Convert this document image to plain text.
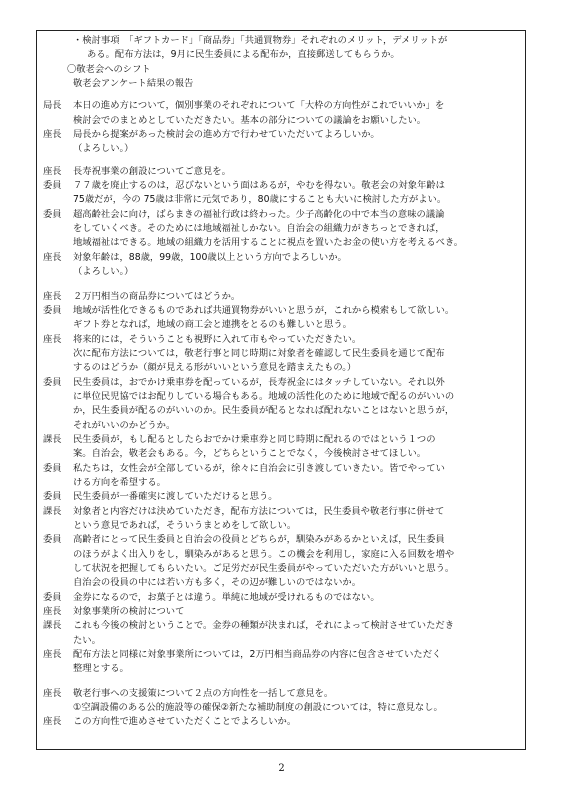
・検討事項　「ギフトカード」「商品券」「共通買物券」それぞれのメリット，デメリットが
ある。配布方法は，9月に民生委員による配布か，直接郵送してもらうか。
〇敬老会へのシフト
敬老会アンケート結果の報告
局長 本日の進め方について，個別事業のそれぞれについて「大枠の方向性がこれでいいか」を
検討会でのまとめとしていただきたい。基本の部分についての議論をお願いしたい。
座長 局長から提案があった検討会の進め方で行わせていただいてよろしいか。
（よろしい。）
座長 長寿祝事業の創設についてご意見を。
委員 ７７歳を廃止するのは，忍びないという面はあるが，やむを得ない。敬老会の対象年齢は
75歳だが，今の 75歳は非常に元気であり，80歳にすることも大いに検討した方がよい。
委員 超高齢社会に向け，ばらまきの福祉行政は終わった。少子高齢化の中で本当の意味の議論
をしていくべき。そのためには地域福祉しかない。自治会の組織力がきちっとできれば，
地域福祉はできる。地域の組織力を活用することに視点を置いたお金の使い方を考えるべき。
座長 対象年齢は，88歳，99歳，100歳以上という方向でよろしいか。
（よろしい。）
座長 ２万円相当の商品券についてはどうか。
委員 地域が活性化できるものであれば共通買物券がいいと思うが，これから模索もして欲しい。
ギフト券となれば，地域の商工会と連携をとるのも難しいと思う。
座長 将来的には，そういうことも視野に入れて市もやっていただきたい。
次に配布方法については，敬老行事と同じ時期に対象者を確認して民生委員を通じて配布
するのはどうか（顔が見える形がいいという意見を踏まえたもの。）
委員 民生委員は，おでかけ乗車券を配っているが，長寿祝金にはタッチしていない。それ以外
に単位民児協ではお配りしている場合もある。地域の活性化のために地域で配るのがいいの
か，民生委員が配るのがいいのか。民生委員が配るとなれば配れないことはないと思うが，
それがいいのかどうか。
課長 民生委員が，もし配るとしたらおでかけ乗車券と同じ時期に配れるのではという１つの
案。自治会，敬老会もある。今，どちらということでなく，今後検討させてほしい。
委員 私たちは，女性会が全部しているが，徐々に自治会に引き渡していきたい。皆でやってい
ける方向を希望する。
委員 民生委員が一番確実に渡していただけると思う。
課長 対象者と内容だけは決めていただき，配布方法については，民生委員や敬老行事に併せて
という意見であれば，そういうまとめをして欲しい。
委員 高齢者にとって民生委員と自治会の役員とどちらが，馴染みがあるかといえば，民生委員
のほうがよく出入りをし，馴染みがあると思う。この機会を利用し，家庭に入る回数を増や
して状況を把握してもらいたい。ご足労だが民生委員がやっていただいた方がいいと思う。
自治会の役員の中には若い方も多く，その辺が難しいのではないか。
委員 金券になるので，お菓子とは違う。単純に地域が受けれるものではない。
座長 対象事業所の検討について
課長 これも今後の検討ということで。金券の種類が決まれば，それによって検討させていただき
たい。
座長 配布方法と同様に対象事業所については，2万円相当商品券の内容に包含させていただく
整理とする。
座長 敬老行事への支援策について２点の方向性を一括して意見を。
①空調設備のある公的施設等の確保②新たな補助制度の創設については，特に意見なし。
座長 この方向性で進めさせていただくことでよろしいか。
2
